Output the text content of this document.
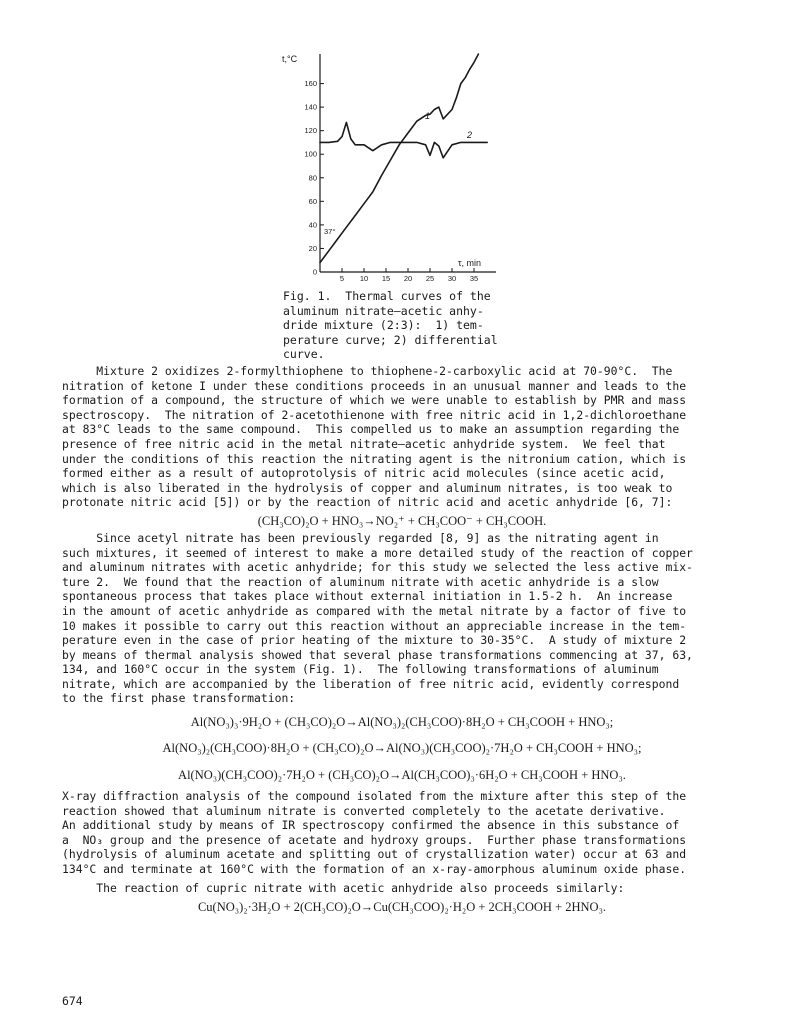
0
20
40
60
80
100
120
140
160
5 10 15 20 25 30 35
t,°C
τ, min
37°
1
2
Fig. 1.  Thermal curves of the
aluminum nitrate—acetic anhy-
dride mixture (2:3):  1) tem-
perature curve; 2) differential
curve.
Mixture 2 oxidizes 2-formylthiophene to thiophene-2-carboxylic acid at 70-90°C.  The
nitration of ketone I under these conditions proceeds in an unusual manner and leads to the
formation of a compound, the structure of which we were unable to establish by PMR and mass
spectroscopy.  The nitration of 2-acetothienone with free nitric acid in 1,2-dichloroethane
at 83°C leads to the same compound.  This compelled us to make an assumption regarding the
presence of free nitric acid in the metal nitrate—acetic anhydride system.  We feel that
under the conditions of this reaction the nitrating agent is the nitronium cation, which is
formed either as a result of autoprotolysis of nitric acid molecules (since acetic acid,
which is also liberated in the hydrolysis of copper and aluminum nitrates, is too weak to
protonate nitric acid [5]) or by the reaction of nitric acid and acetic anhydride [6, 7]:
(CH₃CO)₂O + HNO₃→NO₂⁺ + CH₃COO⁻ + CH₃COOH.
Since acetyl nitrate has been previously regarded [8, 9] as the nitrating agent in
such mixtures, it seemed of interest to make a more detailed study of the reaction of copper
and aluminum nitrates with acetic anhydride; for this study we selected the less active mix-
ture 2.  We found that the reaction of aluminum nitrate with acetic anhydride is a slow
spontaneous process that takes place without external initiation in 1.5-2 h.  An increase
in the amount of acetic anhydride as compared with the metal nitrate by a factor of five to
10 makes it possible to carry out this reaction without an appreciable increase in the tem-
perature even in the case of prior heating of the mixture to 30-35°C.  A study of mixture 2
by means of thermal analysis showed that several phase transformations commencing at 37, 63,
134, and 160°C occur in the system (Fig. 1).  The following transformations of aluminum
nitrate, which are accompanied by the liberation of free nitric acid, evidently correspond
to the first phase transformation:
Al(NO₃)₃·9H₂O + (CH₃CO)₂O→Al(NO₃)₂(CH₃COO)·8H₂O + CH₃COOH + HNO₃;
Al(NO₃)₂(CH₃COO)·8H₂O + (CH₃CO)₂O→Al(NO₃)(CH₃COO)₂·7H₂O + CH₃COOH + HNO₃;
Al(NO₃)(CH₃COO)₂·7H₂O + (CH₃CO)₂O→Al(CH₃COO)₃·6H₂O + CH₃COOH + HNO₃.
X-ray diffraction analysis of the compound isolated from the mixture after this step of the
reaction showed that aluminum nitrate is converted completely to the acetate derivative.
An additional study by means of IR spectroscopy confirmed the absence in this substance of
a  NO₃ group and the presence of acetate and hydroxy groups.  Further phase transformations
(hydrolysis of aluminum acetate and splitting out of crystallization water) occur at 63 and
134°C and terminate at 160°C with the formation of an x-ray-amorphous aluminum oxide phase.
The reaction of cupric nitrate with acetic anhydride also proceeds similarly:
Cu(NO₃)₂·3H₂O + 2(CH₃CO)₂O→Cu(CH₃COO)₂·H₂O + 2CH₃COOH + 2HNO₃.
674
